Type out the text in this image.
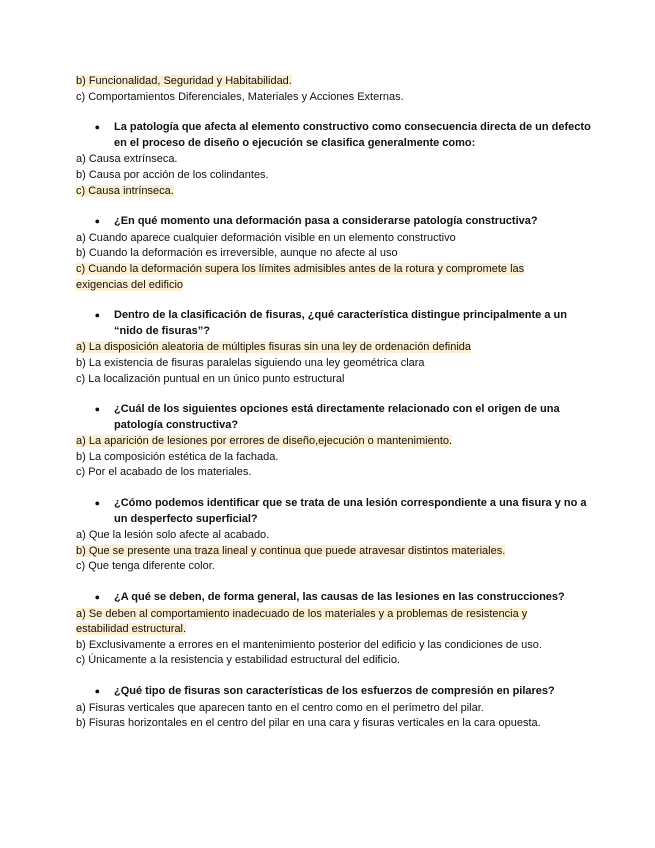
b) Funcionalidad, Seguridad y Habitabilidad.
c) Comportamientos Diferenciales, Materiales y Acciones Externas.
●	La patología que afecta al elemento constructivo como consecuencia directa de un defecto en el proceso de diseño o ejecución se clasifica generalmente como:
a) Causa extrínseca.
b) Causa por acción de los colindantes.
c) Causa intrínseca.
●	¿En qué momento una deformación pasa a considerarse patología constructiva?
a) Cuando aparece cualquier deformación visible en un elemento constructivo
b) Cuando la deformación es irreversible, aunque no afecte al uso
c) Cuando la deformación supera los límites admisibles antes de la rotura y compromete las
exigencias del edificio
●	Dentro de la clasificación de fisuras, ¿qué característica distingue principalmente a un “nido de fisuras”?
a) La disposición aleatoria de múltiples fisuras sin una ley de ordenación definida
b) La existencia de fisuras paralelas siguiendo una ley geométrica clara
c) La localización puntual en un único punto estructural
●	¿Cuál de los siguientes opciones está directamente relacionado con el origen de una patología constructiva?
a) La aparición de lesiones por errores de diseño,ejecución o mantenimiento.
b) La composición estética de la fachada.
c) Por el acabado de los materiales.
●	¿Cómo podemos identificar que se trata de una lesión correspondiente a una fisura y no a un desperfecto superficial?
a) Que la lesión solo afecte al acabado.
b) Que se presente una traza lineal y continua que puede atravesar distintos materiales.
c) Que tenga diferente color.
●	¿A qué se deben, de forma general, las causas de las lesiones en las construcciones?
a) Se deben al comportamiento inadecuado de los materiales y a problemas de resistencia y
estabilidad estructural.
b) Exclusivamente a errores en el mantenimiento posterior del edificio y las condiciones de uso.
c) Únicamente a la resistencia y estabilidad estructural del edificio.
●	¿Qué tipo de fisuras son características de los esfuerzos de compresión en pilares?
a) Fisuras verticales que aparecen tanto en el centro como en el perímetro del pilar.
b) Fisuras horizontales en el centro del pilar en una cara y fisuras verticales en la cara opuesta.
